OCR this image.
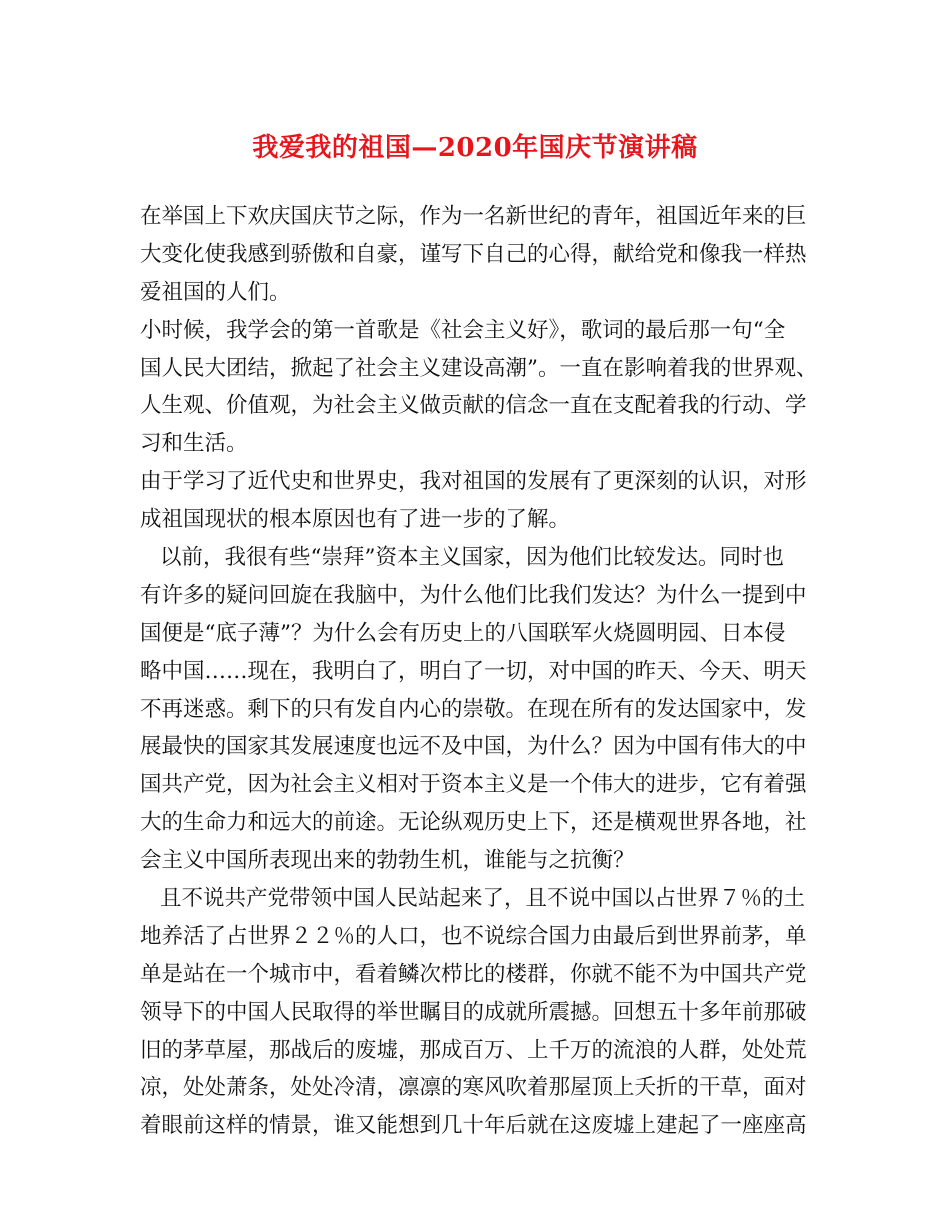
我爱我的祖国—2020年国庆节演讲稿
在举国上下欢庆国庆节之际，作为一名新世纪的青年，祖国近年来的巨
大变化使我感到骄傲和自豪，谨写下自己的心得，献给党和像我一样热
爱祖国的人们。
小时候，我学会的第一首歌是《社会主义好》，歌词的最后那一句“全
国人民大团结，掀起了社会主义建设高潮”。一直在影响着我的世界观、
人生观、价值观，为社会主义做贡献的信念一直在支配着我的行动、学
习和生活。
由于学习了近代史和世界史，我对祖国的发展有了更深刻的认识，对形
成祖国现状的根本原因也有了进一步的了解。
以前，我很有些“崇拜”资本主义国家，因为他们比较发达。同时也
有许多的疑问回旋在我脑中，为什么他们比我们发达？为什么一提到中
国便是“底子薄”？为什么会有历史上的八国联军火烧圆明园、日本侵
略中国……现在，我明白了，明白了一切，对中国的昨天、今天、明天
不再迷惑。剩下的只有发自内心的崇敬。在现在所有的发达国家中，发
展最快的国家其发展速度也远不及中国，为什么？因为中国有伟大的中
国共产党，因为社会主义相对于资本主义是一个伟大的进步，它有着强
大的生命力和远大的前途。无论纵观历史上下，还是横观世界各地，社
会主义中国所表现出来的勃勃生机，谁能与之抗衡？
且不说共产党带领中国人民站起来了，且不说中国以占世界７％的土
地养活了占世界２２％的人口，也不说综合国力由最后到世界前茅，单
单是站在一个城市中，看着鳞次栉比的楼群，你就不能不为中国共产党
领导下的中国人民取得的举世瞩目的成就所震撼。回想五十多年前那破
旧的茅草屋，那战后的废墟，那成百万、上千万的流浪的人群，处处荒
凉，处处萧条，处处冷清，凛凛的寒风吹着那屋顶上夭折的干草，面对
着眼前这样的情景，谁又能想到几十年后就在这废墟上建起了一座座高
